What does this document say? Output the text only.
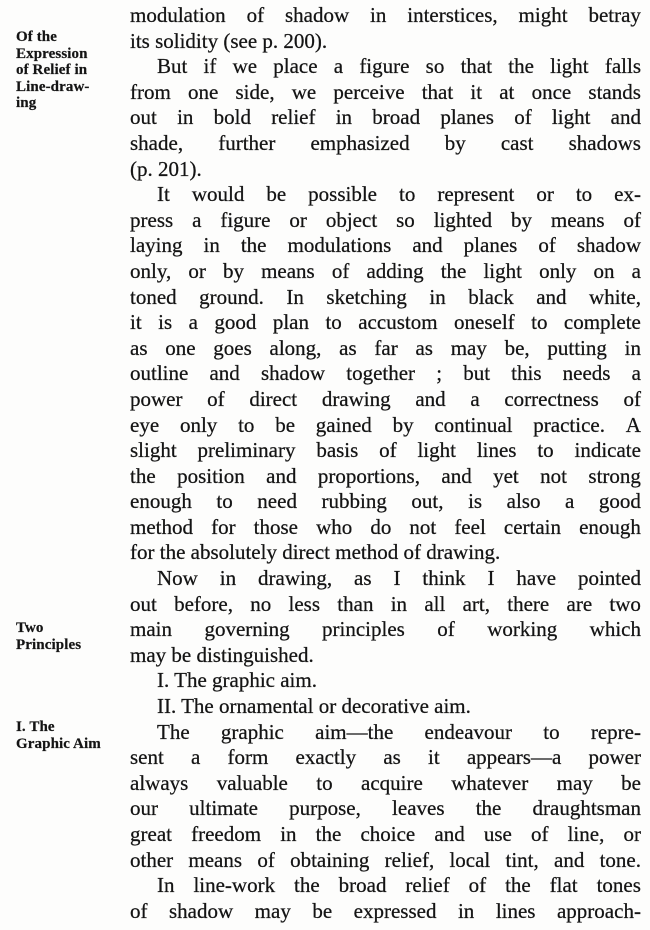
Of the
Expression
of Relief in
Line-draw-
ing
Two
Principles
I. The
Graphic Aim
modulation of shadow in interstices, might betray
its solidity (see p. 200).
But if we place a figure so that the light falls
from one side, we perceive that it at once stands
out in bold relief in broad planes of light and
shade, further emphasized by cast shadows
(p. 201).
It would be possible to represent or to ex-
press a figure or object so lighted by means of
laying in the modulations and planes of shadow
only, or by means of adding the light only on a
toned ground. In sketching in black and white,
it is a good plan to accustom oneself to complete
as one goes along, as far as may be, putting in
outline and shadow together ; but this needs a
power of direct drawing and a correctness of
eye only to be gained by continual practice. A
slight preliminary basis of light lines to indicate
the position and proportions, and yet not strong
enough to need rubbing out, is also a good
method for those who do not feel certain enough
for the absolutely direct method of drawing.
Now in drawing, as I think I have pointed
out before, no less than in all art, there are two
main governing principles of working which
may be distinguished.
I. The graphic aim.
II. The ornamental or decorative aim.
The graphic aim—the endeavour to repre-
sent a form exactly as it appears—a power
always valuable to acquire whatever may be
our ultimate purpose, leaves the draughtsman
great freedom in the choice and use of line, or
other means of obtaining relief, local tint, and tone.
In line-work the broad relief of the flat tones
of shadow may be expressed in lines approach-
